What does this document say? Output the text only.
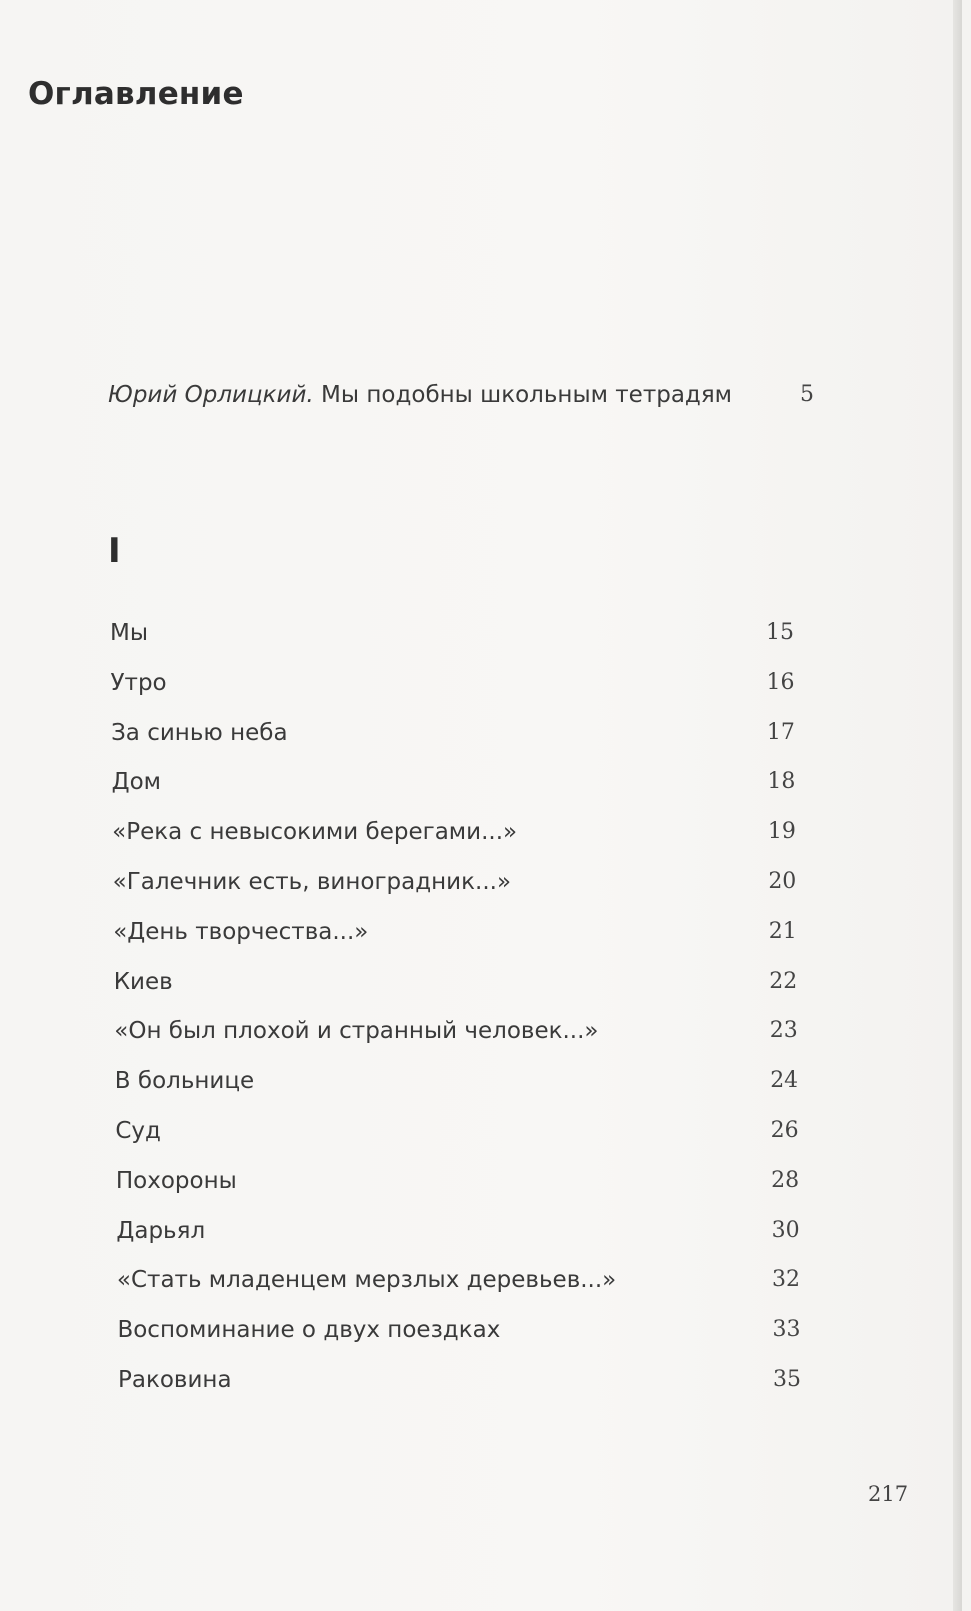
Оглавление
Юрий Орлицкий. Мы подобны школьным тетрадям	5
I
Мы	15
Утро	16
За синью неба	17
Дом	18
«Река с невысокими берегами...»	19
«Галечник есть, виноградник...»	20
«День творчества...»	21
Киев	22
«Он был плохой и странный человек...»	23
В больнице	24
Суд	26
Похороны	28
Дарьял	30
«Стать младенцем мерзлых деревьев...»	32
Воспоминание о двух поездках	33
Раковина	35
217
